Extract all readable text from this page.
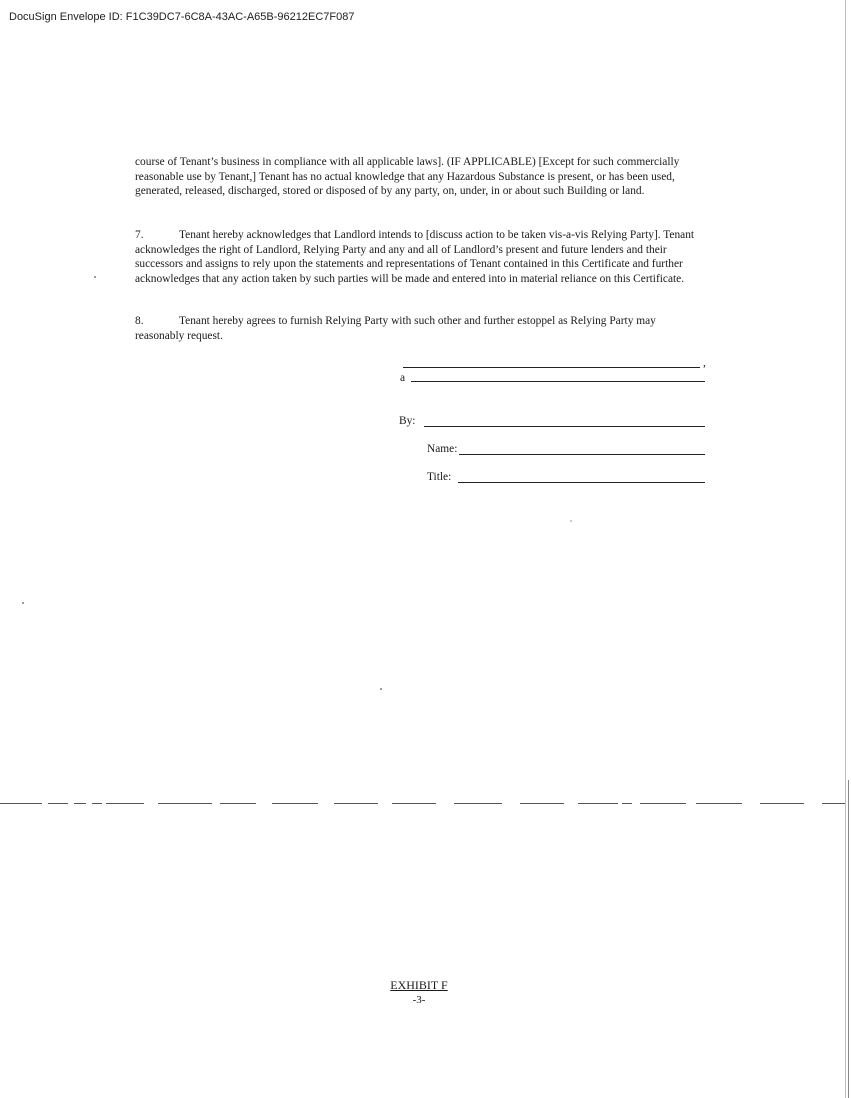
DocuSign Envelope ID: F1C39DC7-6C8A-43AC-A65B-96212EC7F087

course of Tenant’s business in compliance with all applicable laws]. (IF APPLICABLE) [Except for such commercially reasonable use by Tenant,] Tenant has no actual knowledge that any Hazardous Substance is present, or has been used, generated, released, discharged, stored or disposed of by any party, on, under, in or about such Building or land.

7.	Tenant hereby acknowledges that Landlord intends to [discuss action to be taken vis-a-vis Relying Party]. Tenant acknowledges the right of Landlord, Relying Party and any and all of Landlord’s present and future lenders and their successors and assigns to rely upon the statements and representations of Tenant contained in this Certificate and further acknowledges that any action taken by such parties will be made and entered into in material reliance on this Certificate.

8.	Tenant hereby agrees to furnish Relying Party with such other and further estoppel as Relying Party may reasonably request.

,
a
By:
Name:
Title:
EXHIBIT F
-3-
